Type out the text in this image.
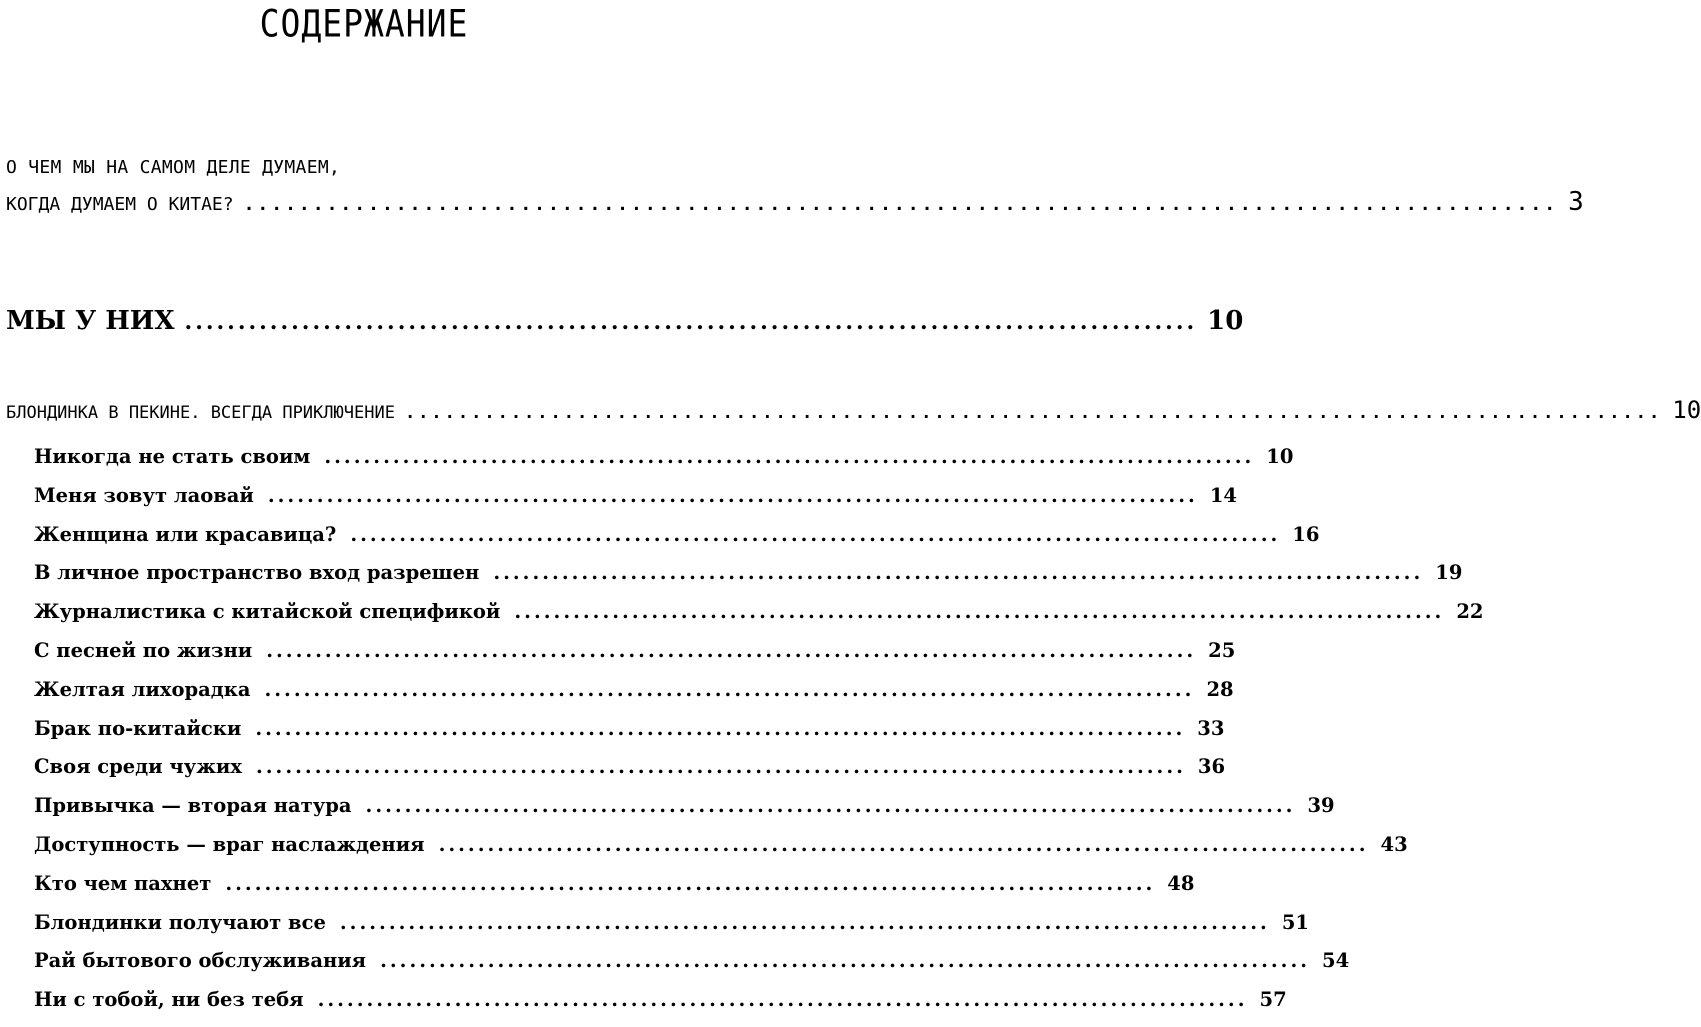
СОДЕРЖАНИЕ
О ЧЕМ МЫ НА САМОМ ДЕЛЕ ДУМАЕМ,
КОГДА ДУМАЕМ О КИТАЕ? ............................................................................................... 3
МЫ У НИХ ............................................................................................... 10
БЛОНДИНКА В ПЕКИНЕ. ВСЕГДА ПРИКЛЮЧЕНИЕ ............................................................................................... 10
Никогда не стать своим ............................................................................................... 10
Меня зовут лаовай ............................................................................................... 14
Женщина или красавица? ............................................................................................... 16
В личное пространство вход разрешен ............................................................................................... 19
Журналистика с китайской спецификой ............................................................................................... 22
С песней по жизни ............................................................................................... 25
Желтая лихорадка ............................................................................................... 28
Брак по-китайски ............................................................................................... 33
Своя среди чужих ............................................................................................... 36
Привычка — вторая натура ............................................................................................... 39
Доступность — враг наслаждения ............................................................................................... 43
Кто чем пахнет ............................................................................................... 48
Блондинки получают все ............................................................................................... 51
Рай бытового обслуживания ............................................................................................... 54
Ни с тобой, ни без тебя ............................................................................................... 57
